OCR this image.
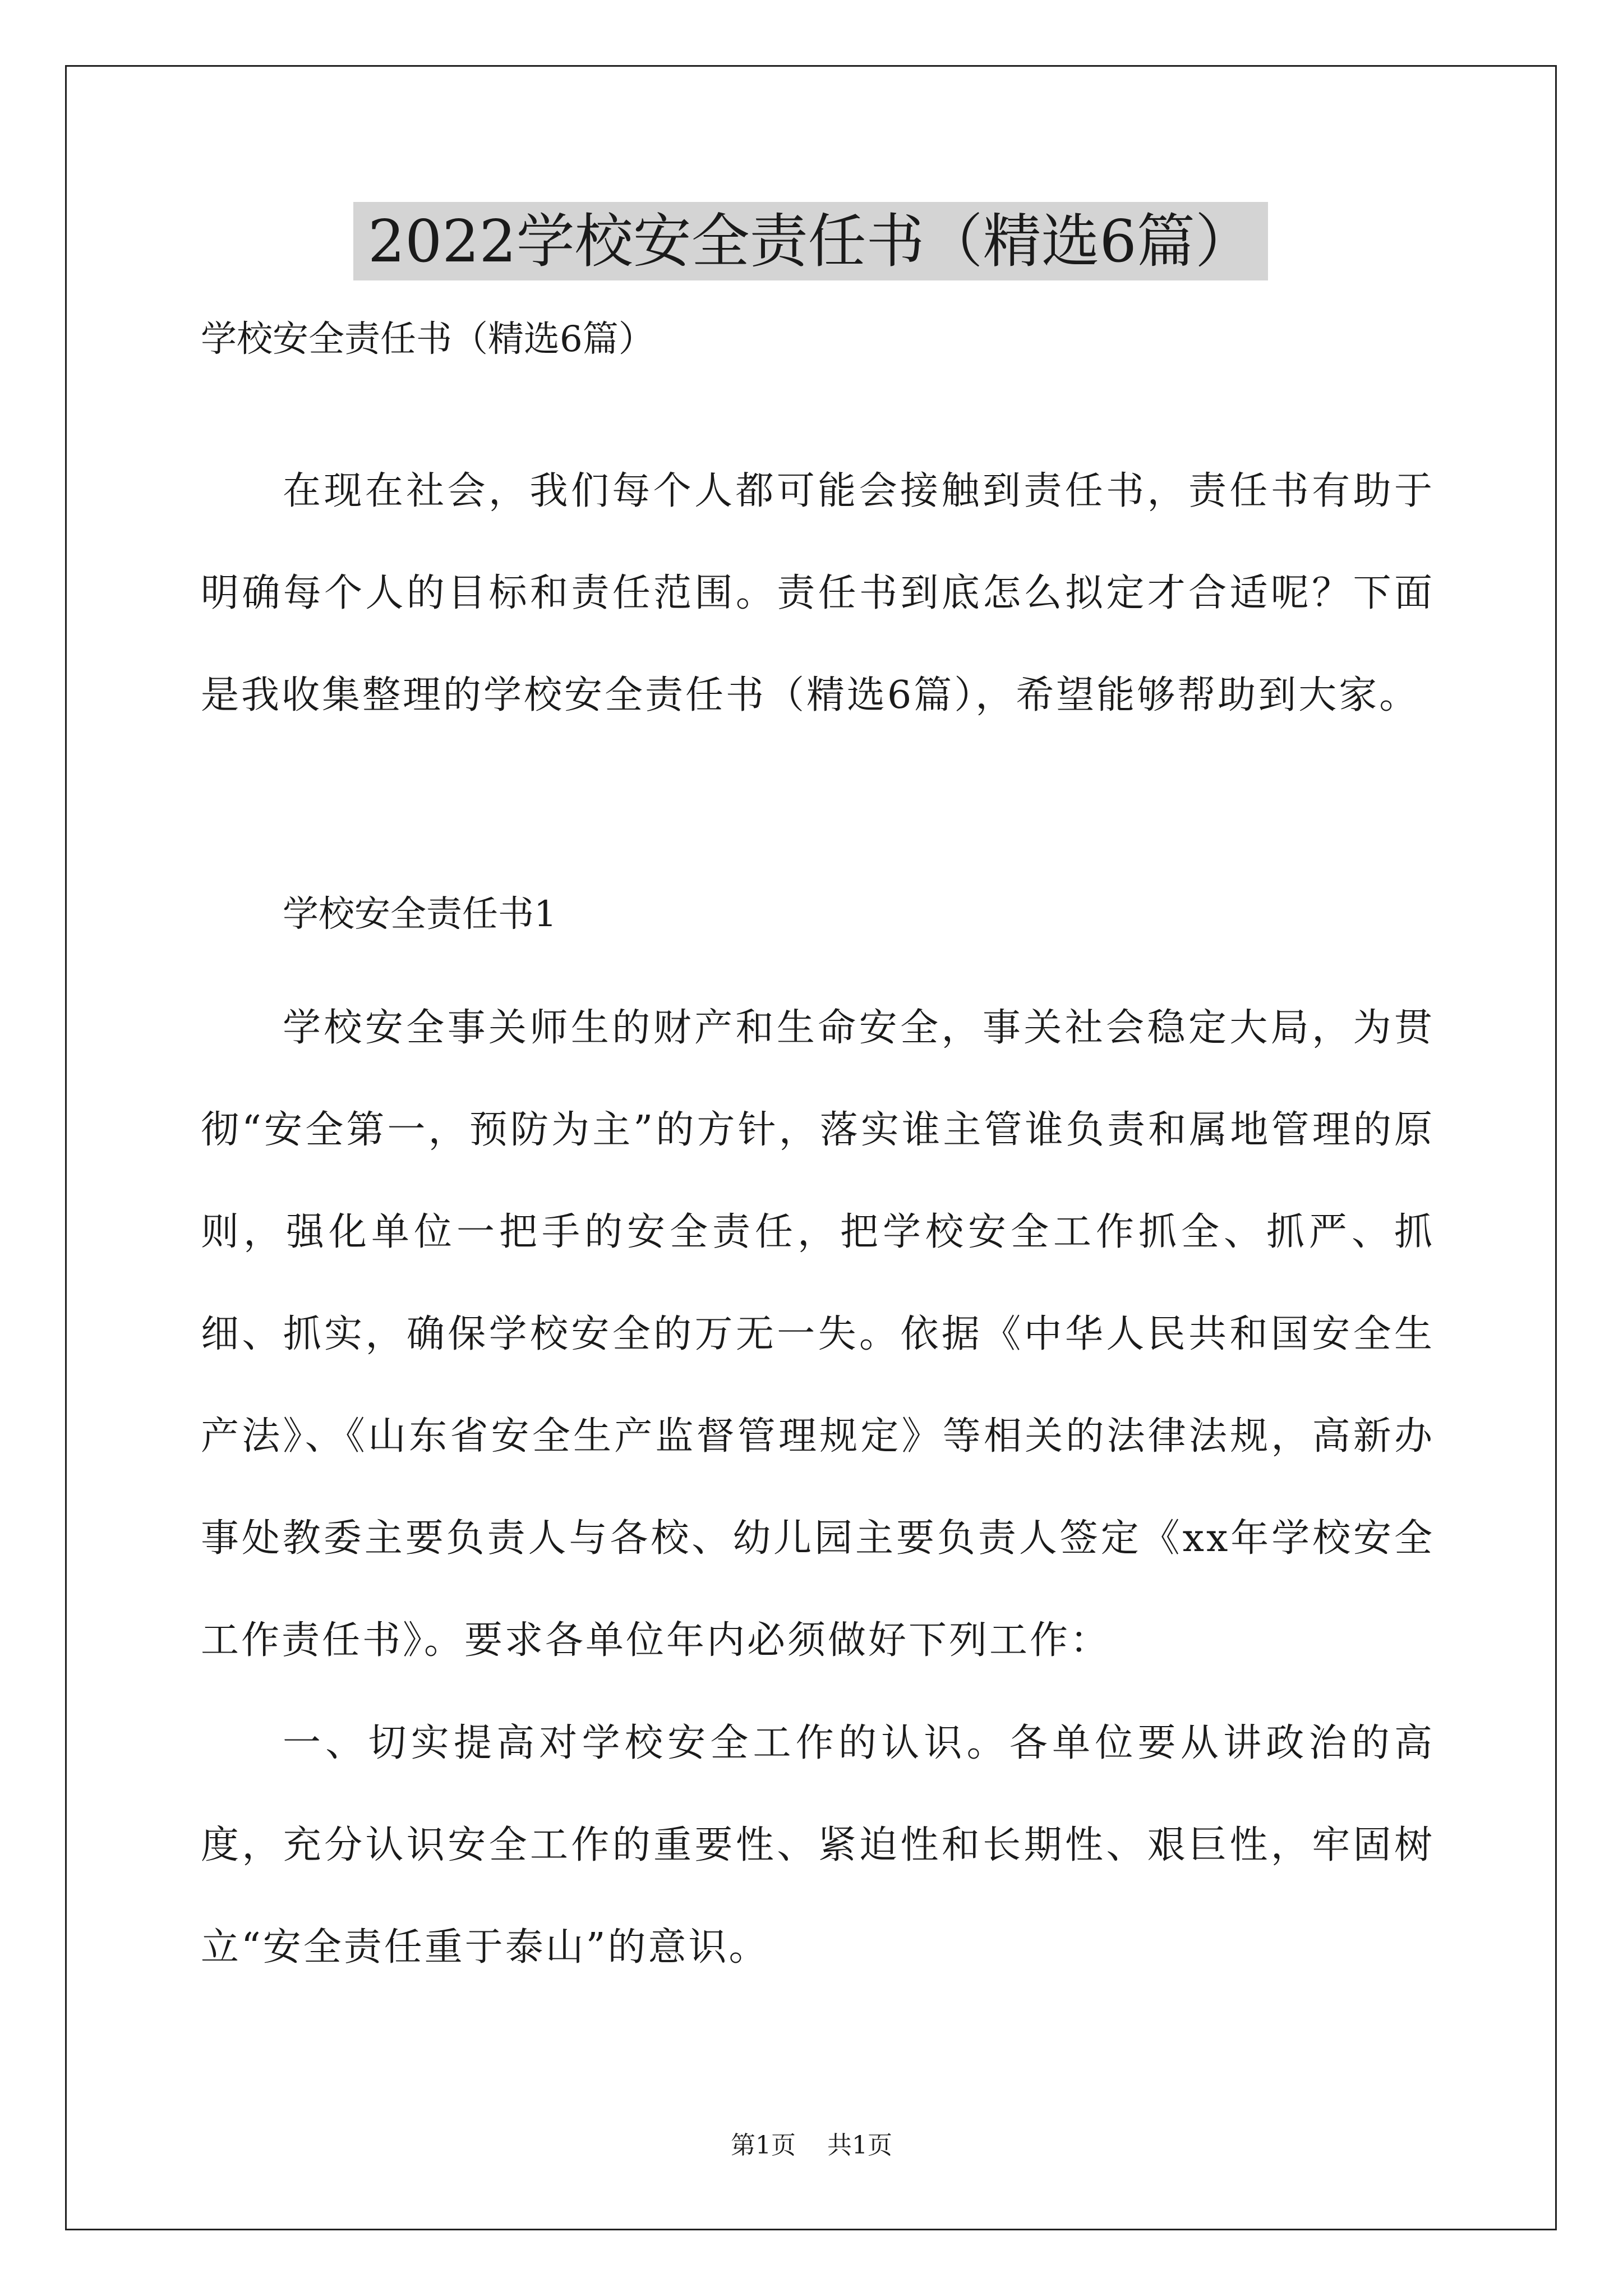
2022学校安全责任书（精选6篇）
学校安全责任书（精选6篇）

在现在社会，我们每个人都可能会接触到责任书，责任书有助于明确每个人的目标和责任范围。责任书到底怎么拟定才合适呢？下面是我收集整理的学校安全责任书（精选6篇），希望能够帮助到大家。

学校安全责任书1

学校安全事关师生的财产和生命安全，事关社会稳定大局，为贯彻“安全第一，预防为主”的方针，落实谁主管谁负责和属地管理的原则，强化单位一把手的安全责任，把学校安全工作抓全、抓严、抓细、抓实，确保学校安全的万无一失。依据《中华人民共和国安全生产法》、《山东省安全生产监督管理规定》等相关的法律法规，高新办事处教委主要负责人与各校、幼儿园主要负责人签定《xx年学校安全工作责任书》。要求各单位年内必须做好下列工作：

一、切实提高对学校安全工作的认识。各单位要从讲政治的高度，充分认识安全工作的重要性、紧迫性和长期性、艰巨性，牢固树立“安全责任重于泰山”的意识。

第1页 共1页
